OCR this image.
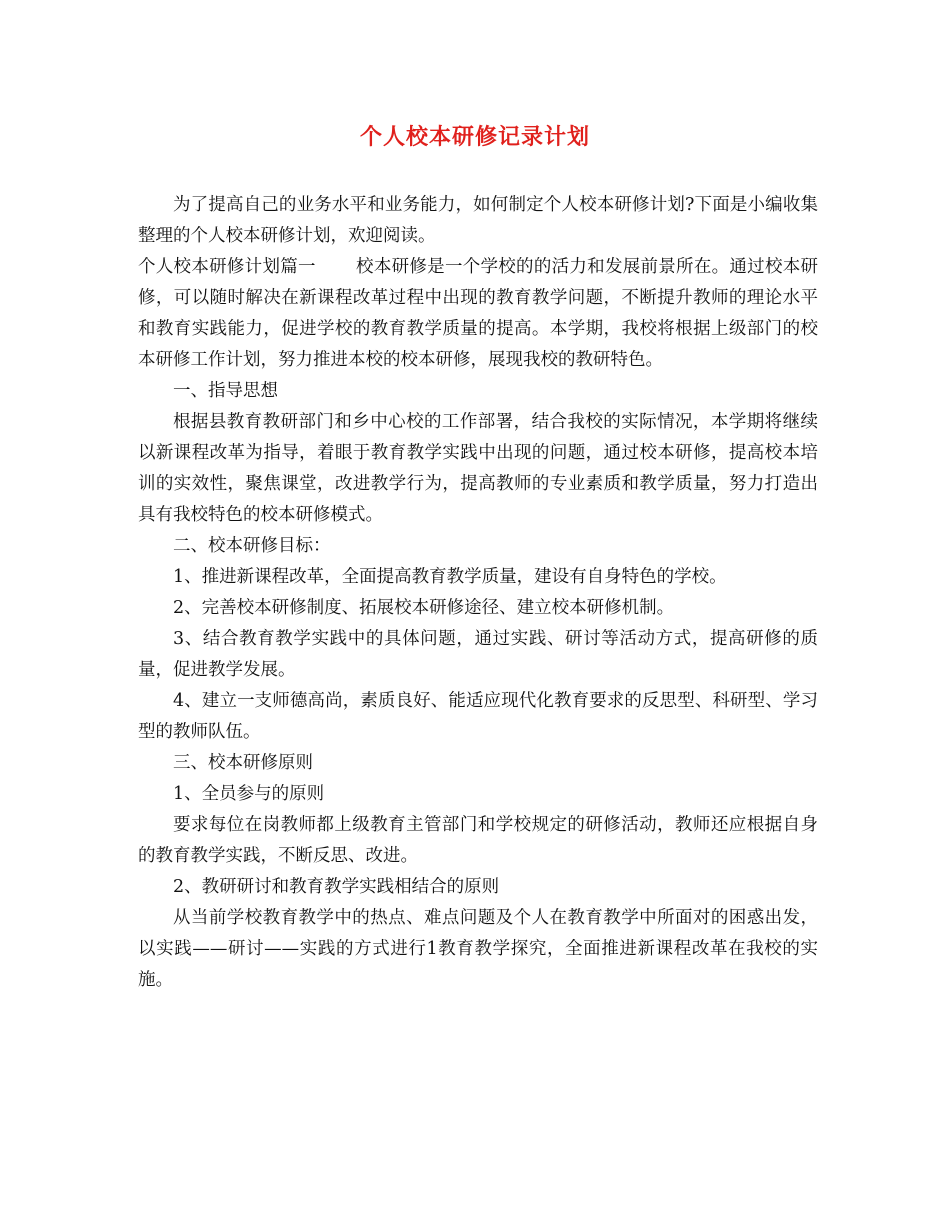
个人校本研修记录计划

为了提高自己的业务水平和业务能力，如何制定个人校本研修计划?下面是小编收集整理的个人校本研修计划，欢迎阅读。

个人校本研修计划篇一 校本研修是一个学校的的活力和发展前景所在。通过校本研修，可以随时解决在新课程改革过程中出现的教育教学问题，不断提升教师的理论水平和教育实践能力，促进学校的教育教学质量的提高。本学期，我校将根据上级部门的校本研修工作计划，努力推进本校的校本研修，展现我校的教研特色。

一、指导思想

根据县教育教研部门和乡中心校的工作部署，结合我校的实际情况，本学期将继续以新课程改革为指导，着眼于教育教学实践中出现的问题，通过校本研修，提高校本培训的实效性，聚焦课堂，改进教学行为，提高教师的专业素质和教学质量，努力打造出具有我校特色的校本研修模式。

二、校本研修目标：

1、推进新课程改革，全面提高教育教学质量，建设有自身特色的学校。

2、完善校本研修制度、拓展校本研修途径、建立校本研修机制。

3、结合教育教学实践中的具体问题，通过实践、研讨等活动方式，提高研修的质量，促进教学发展。

4、建立一支师德高尚，素质良好、能适应现代化教育要求的反思型、科研型、学习型的教师队伍。

三、校本研修原则

1、全员参与的原则

要求每位在岗教师都上级教育主管部门和学校规定的研修活动，教师还应根据自身的教育教学实践，不断反思、改进。

2、教研研讨和教育教学实践相结合的原则

从当前学校教育教学中的热点、难点问题及个人在教育教学中所面对的困惑出发，以实践——研讨——实践的方式进行1教育教学探究，全面推进新课程改革在我校的实施。
